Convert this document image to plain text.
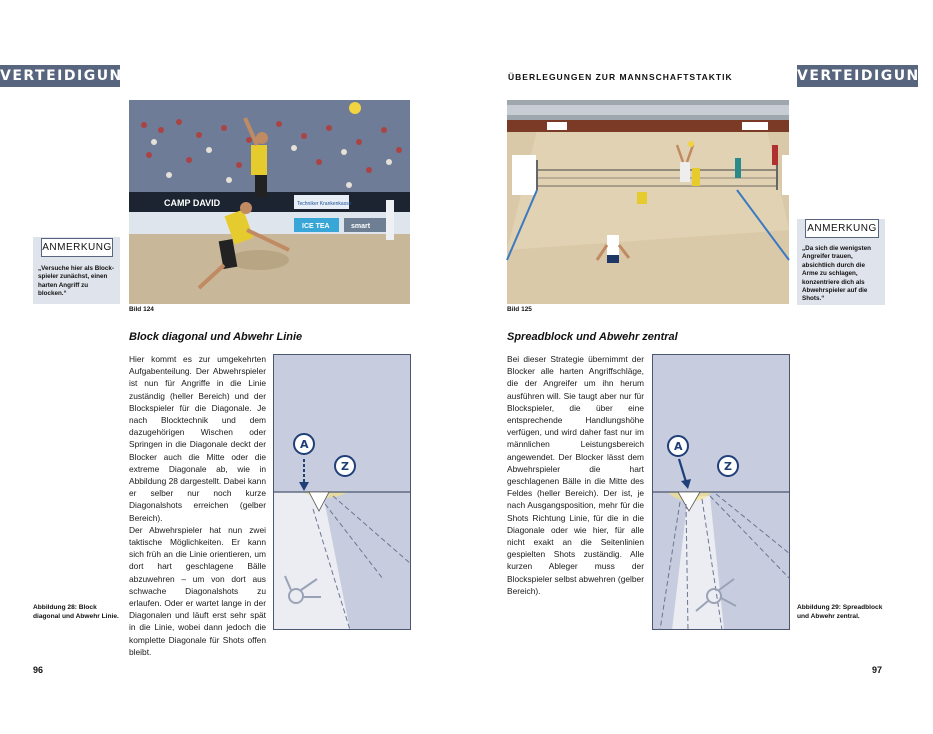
VERTEIDIGUNG
CAMP DAVID	Techniker Krankenkasse
ICE TEA	smart
Bild 124
ANMERKUNG
„Versuche hier als Block-spieler zunächst, einen harten Angriff zu blocken.“
Block diagonal und Abwehr Linie

Hier kommt es zur umgekehrten Aufgabenteilung. Der Abwehrspieler ist nun für Angriffe in die Linie zuständig (heller Bereich) und der Blockspieler für die Diagonale. Je nach Blocktechnik und dem dazugehörigen Wischen oder Springen in die Diagonale deckt der Blocker auch die Mitte oder die extreme Diagonale ab, wie in Abbildung 28 dargestellt. Dabei kann er selber nur noch kurze Diagonalshots erreichen (gelber Bereich).

Der Abwehrspieler hat nun zwei taktische Möglichkeiten. Er kann sich früh an die Linie orientieren, um dort hart geschlagene Bälle abzuwehren – um von dort aus schwache Diagonalshots zu erlaufen. Oder er wartet lange in der Diagonalen und läuft erst sehr spät in die Linie, wobei dann jedoch die komplette Diagonale für Shots offen bleibt.

A
Z
Abbildung 28: Block diagonal und Abwehr Linie.
96
ÜBERLEGUNGEN ZUR MANNSCHAFTSTAKTIK	VERTEIDIGUNG
Bild 125
ANMERKUNG
„Da sich die wenigsten Angreifer trauen, absichtlich durch die Arme zu schlagen, konzentriere dich als Abwehrspieler auf die Shots.“
Spreadblock und Abwehr zentral

Bei dieser Strategie übernimmt der Blocker alle harten Angriffschläge, die der Angreifer um ihn herum ausführen will. Sie taugt aber nur für Blockspieler, die über eine entsprechende Handlungshöhe verfügen, und wird daher fast nur im männlichen Leistungsbereich angewendet. Der Blocker lässt dem Abwehrspieler die hart geschlagenen Bälle in die Mitte des Feldes (heller Bereich). Der ist, je nach Ausgangsposition, mehr für die Shots Richtung Linie, für die in die Diagonale oder wie hier, für alle nicht exakt an die Seitenlinien gespielten Shots zuständig. Alle kurzen Ableger muss der Blockspieler selbst abwehren (gelber Bereich).

A
Z
Abbildung 29: Spreadblock und Abwehr zentral.
97
